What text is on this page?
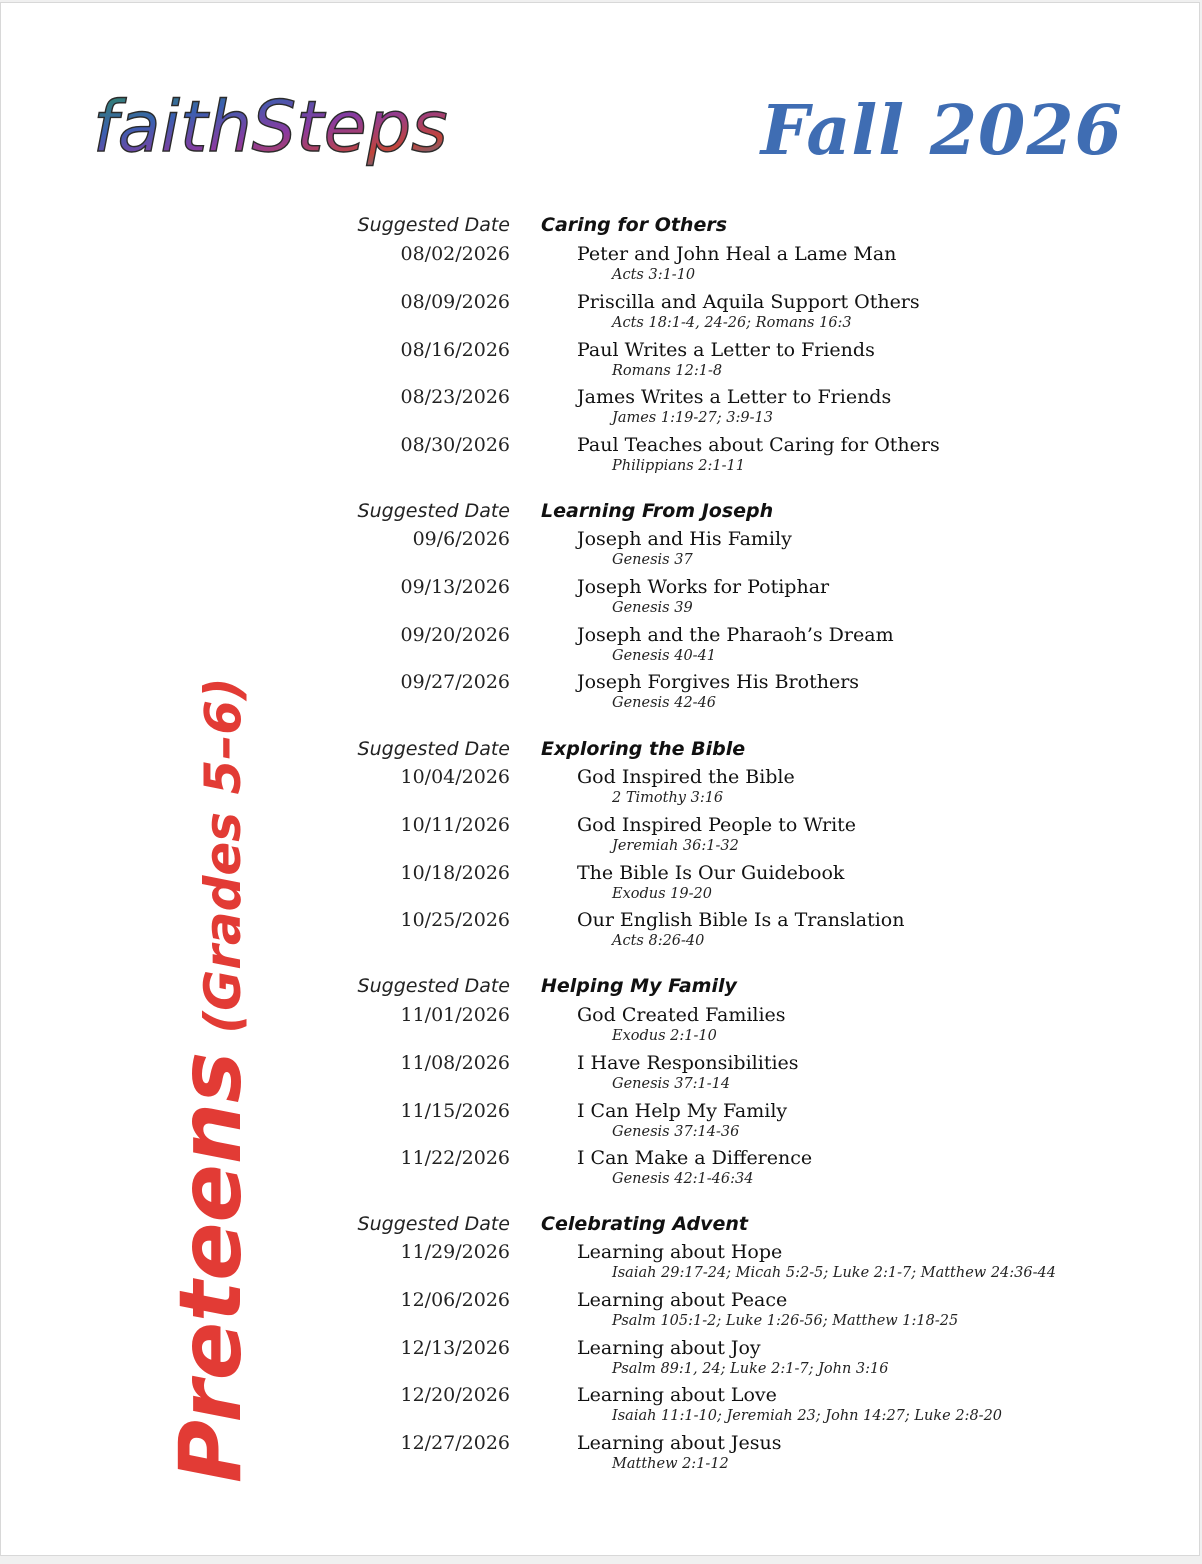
faithSteps	Fall 2026
Preteens(Grades 5–6)
Suggested Date Caring for Others
08/02/2026	Peter and John Heal a Lame Man
Acts 3:1-10
08/09/2026	Priscilla and Aquila Support Others
Acts 18:1-4, 24-26; Romans 16:3
08/16/2026	Paul Writes a Letter to Friends
Romans 12:1-8
08/23/2026	James Writes a Letter to Friends
James 1:19-27; 3:9-13
08/30/2026	Paul Teaches about Caring for Others
Philippians 2:1-11
Suggested Date Learning From Joseph
09/6/2026	Joseph and His Family
Genesis 37
09/13/2026	Joseph Works for Potiphar
Genesis 39
09/20/2026	Joseph and the Pharaoh’s Dream
Genesis 40-41
09/27/2026	Joseph Forgives His Brothers
Genesis 42-46
Suggested Date Exploring the Bible
10/04/2026	God Inspired the Bible
2 Timothy 3:16
10/11/2026	God Inspired People to Write
Jeremiah 36:1-32
10/18/2026	The Bible Is Our Guidebook
Exodus 19-20
10/25/2026	Our English Bible Is a Translation
Acts 8:26-40
Suggested Date Helping My Family
11/01/2026	God Created Families
Exodus 2:1-10
11/08/2026	I Have Responsibilities
Genesis 37:1-14
11/15/2026	I Can Help My Family
Genesis 37:14-36
11/22/2026	I Can Make a Difference
Genesis 42:1-46:34
Suggested Date Celebrating Advent
11/29/2026	Learning about Hope
Isaiah 29:17-24; Micah 5:2-5; Luke 2:1-7; Matthew 24:36-44
12/06/2026	Learning about Peace
Psalm 105:1-2; Luke 1:26-56; Matthew 1:18-25
12/13/2026	Learning about Joy
Psalm 89:1, 24; Luke 2:1-7; John 3:16
12/20/2026	Learning about Love
Isaiah 11:1-10; Jeremiah 23; John 14:27; Luke 2:8-20
12/27/2026	Learning about Jesus
Matthew 2:1-12
